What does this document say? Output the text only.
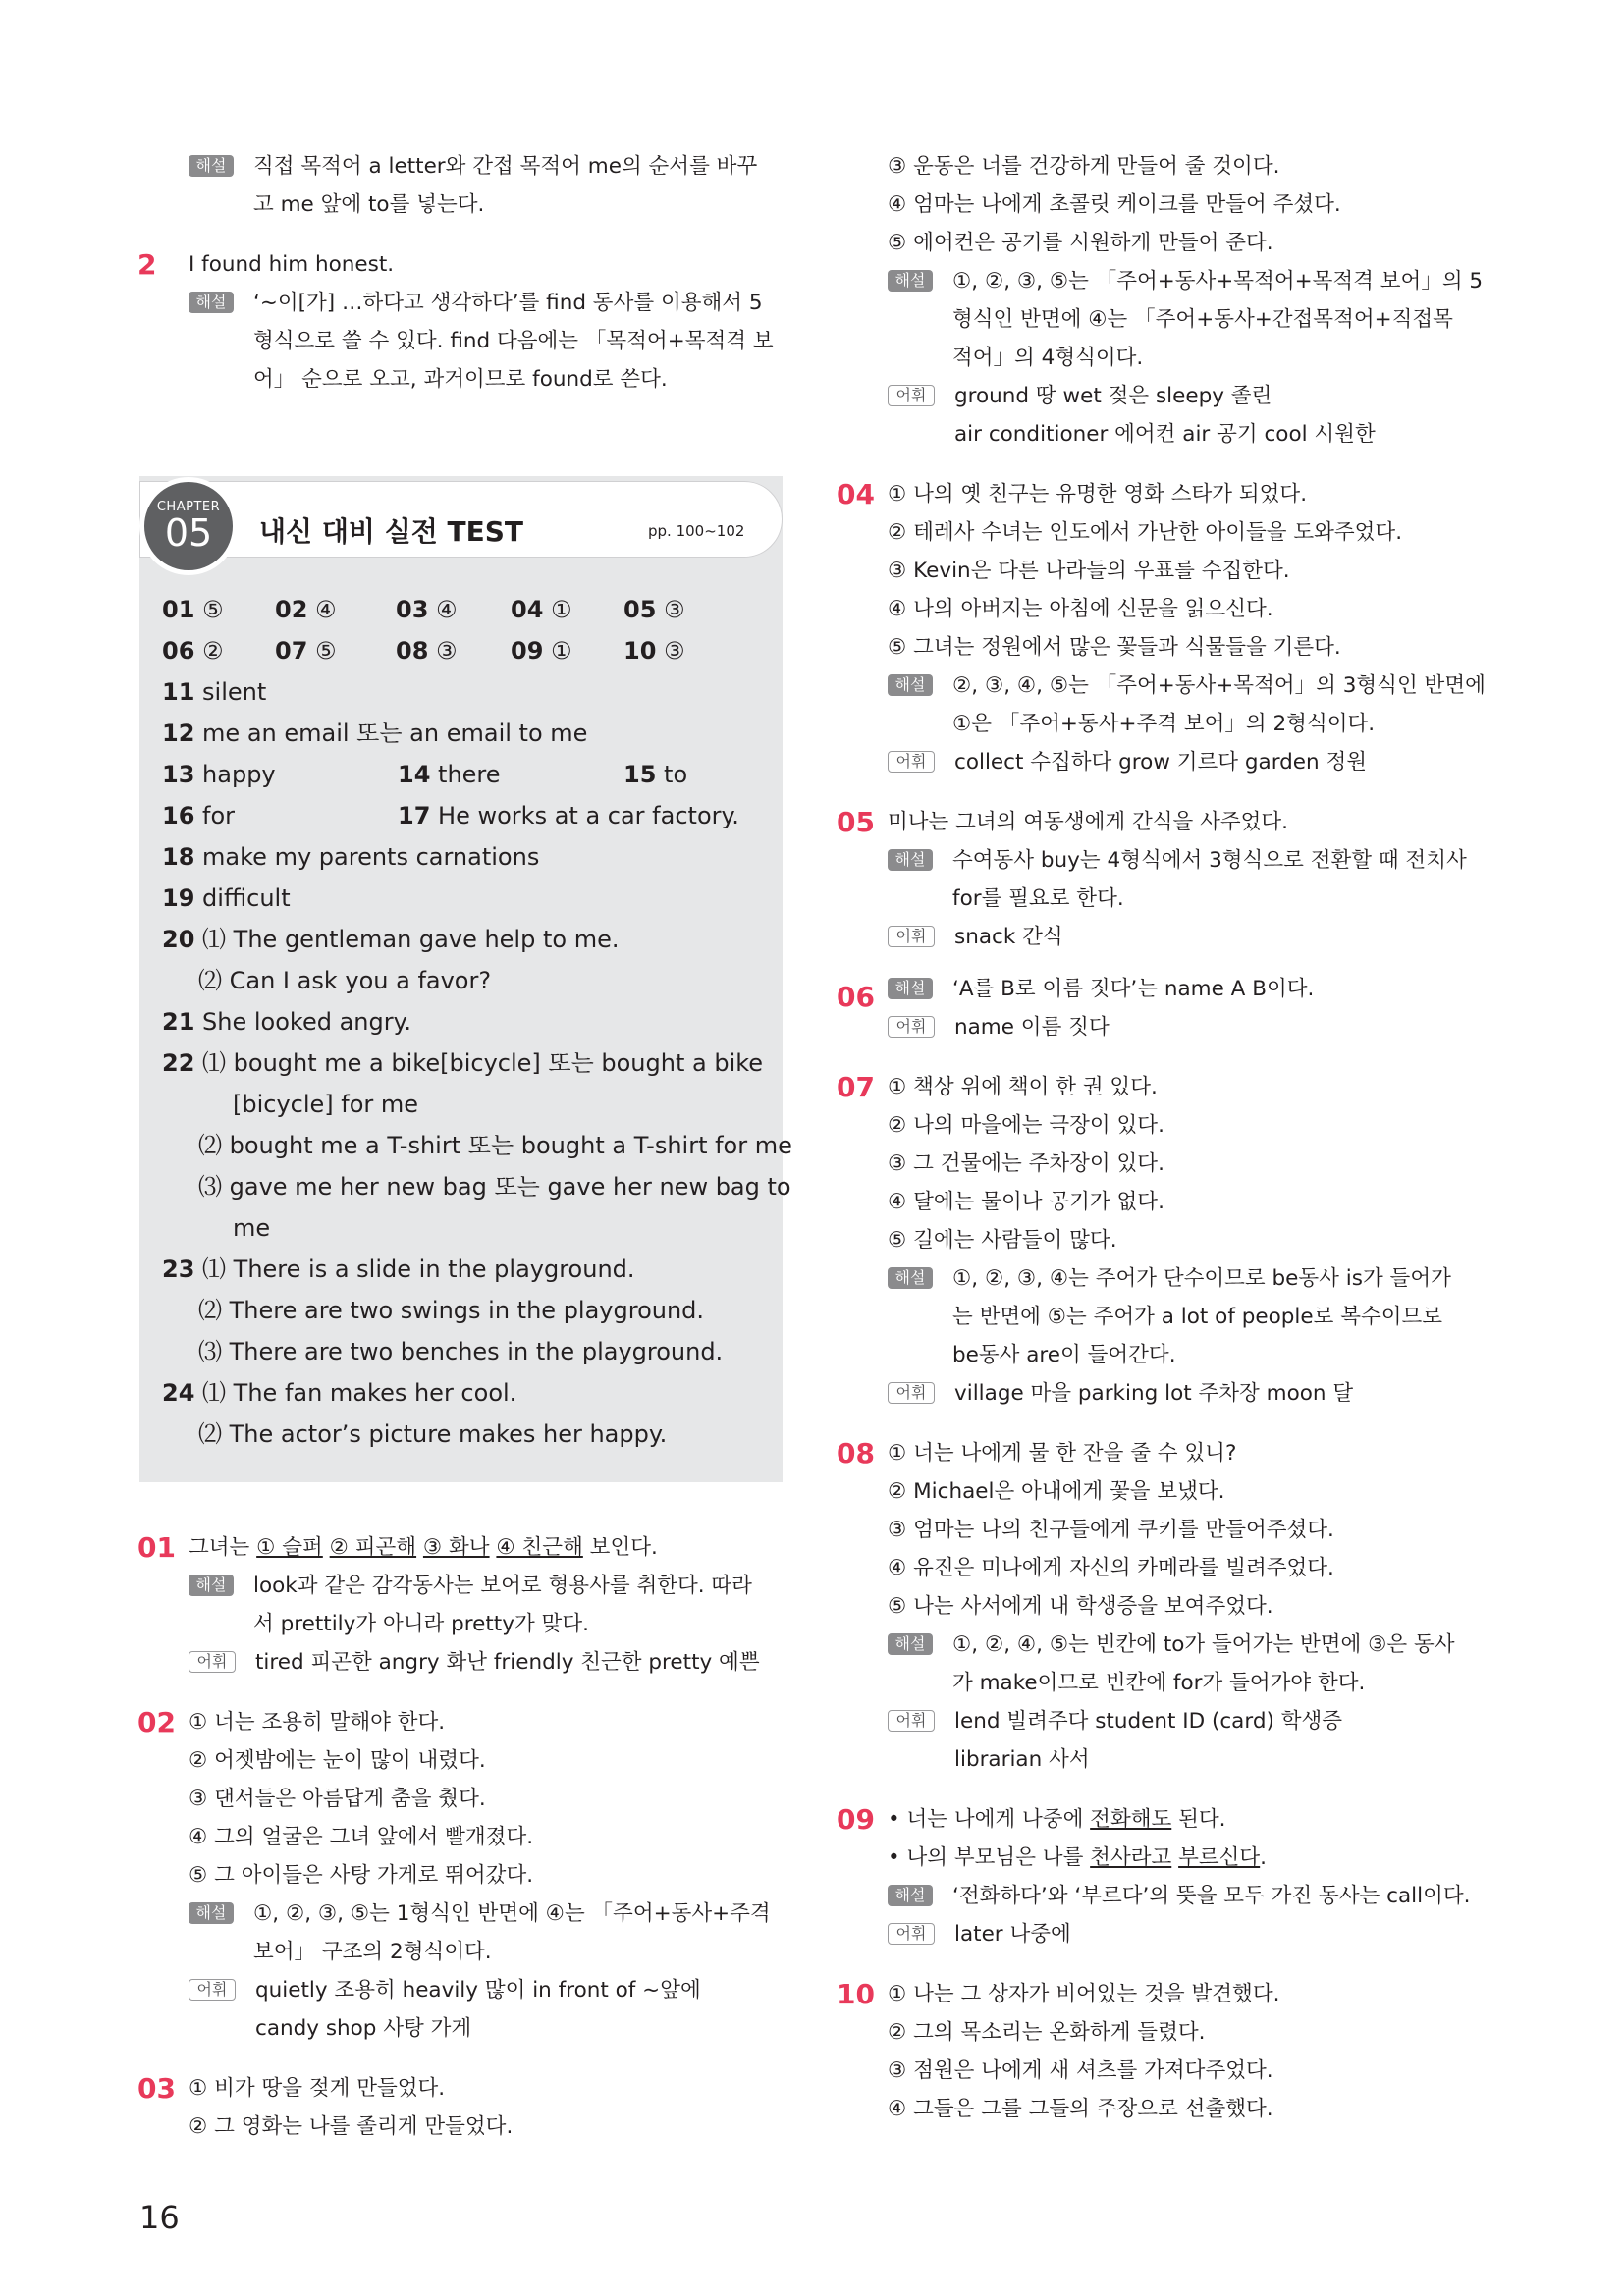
해설	직접 목적어 a letter와 간접 목적어 me의 순서를 바꾸
고 me 앞에 to를 넣는다.
2	I found him honest.
해설	‘~이[가] …하다고 생각하다’를 find 동사를 이용해서 5
형식으로 쓸 수 있다. find 다음에는 「목적어+목적격 보
어」 순으로 오고, 과거이므로 found로 쓴다.
CHAPTER
05	내신 대비 실전 TEST	pp. 100~102
01 ⑤ 02 ④	03 ④ 04 ① 05 ③
06 ② 07 ⑤	08 ③ 09 ① 10 ③
11 silent
12 me an email 또는 an email to me
13 happy	14 there	15 to
16 for	17 He works at a car factory.
18 make my parents carnations
19 difficult
20 ⑴ The gentleman gave help to me.
⑵ Can I ask you a favor?
21 She looked angry.
22 ⑴ bought me a bike[bicycle] 또는 bought a bike
[bicycle] for me
⑵ bought me a T-shirt 또는 bought a T-shirt for me
⑶ gave me her new bag 또는 gave her new bag to
me
23 ⑴ There is a slide in the playground.
⑵ There are two swings in the playground.
⑶ There are two benches in the playground.
24 ⑴ The fan makes her cool.
⑵ The actor’s picture makes her happy.
01 그녀는 ① 슬퍼 ② 피곤해 ③ 화나 ④ 친근해 보인다.
해설	look과 같은 감각동사는 보어로 형용사를 취한다. 따라
서 prettily가 아니라 pretty가 맞다.
어휘	tired 피곤한 angry 화난 friendly 친근한 pretty 예쁜
02 ① 너는 조용히 말해야 한다.
② 어젯밤에는 눈이 많이 내렸다.
③ 댄서들은 아름답게 춤을 췄다.
④ 그의 얼굴은 그녀 앞에서 빨개졌다.
⑤ 그 아이들은 사탕 가게로 뛰어갔다.
해설	①, ②, ③, ⑤는 1형식인 반면에 ④는 「주어+동사+주격
보어」 구조의 2형식이다.
어휘	quietly 조용히 heavily 많이 in front of ~앞에
candy shop 사탕 가게
03 ① 비가 땅을 젖게 만들었다.
② 그 영화는 나를 졸리게 만들었다.
③ 운동은 너를 건강하게 만들어 줄 것이다.
④ 엄마는 나에게 초콜릿 케이크를 만들어 주셨다.
⑤ 에어컨은 공기를 시원하게 만들어 준다.
해설	①, ②, ③, ⑤는 「주어+동사+목적어+목적격 보어」의 5
형식인 반면에 ④는 「주어+동사+간접목적어+직접목
적어」의 4형식이다.
어휘	ground 땅 wet 젖은 sleepy 졸린
air conditioner 에어컨 air 공기 cool 시원한
04 ① 나의 옛 친구는 유명한 영화 스타가 되었다.
② 테레사 수녀는 인도에서 가난한 아이들을 도와주었다.
③ Kevin은 다른 나라들의 우표를 수집한다.
④ 나의 아버지는 아침에 신문을 읽으신다.
⑤ 그녀는 정원에서 많은 꽃들과 식물들을 기른다.
해설	②, ③, ④, ⑤는 「주어+동사+목적어」의 3형식인 반면에
①은 「주어+동사+주격 보어」의 2형식이다.
어휘	collect 수집하다 grow 기르다 garden 정원
05 미나는 그녀의 여동생에게 간식을 사주었다.
해설	수여동사 buy는 4형식에서 3형식으로 전환할 때 전치사
for를 필요로 한다.
어휘	snack 간식
06	해설	‘A를 B로 이름 짓다’는 name A B이다.
어휘	name 이름 짓다
07 ① 책상 위에 책이 한 권 있다.
② 나의 마을에는 극장이 있다.
③ 그 건물에는 주차장이 있다.
④ 달에는 물이나 공기가 없다.
⑤ 길에는 사람들이 많다.
해설	①, ②, ③, ④는 주어가 단수이므로 be동사 is가 들어가
는 반면에 ⑤는 주어가 a lot of people로 복수이므로
be동사 are이 들어간다.
어휘	village 마을 parking lot 주차장 moon 달
08 ① 너는 나에게 물 한 잔을 줄 수 있니?
② Michael은 아내에게 꽃을 보냈다.
③ 엄마는 나의 친구들에게 쿠키를 만들어주셨다.
④ 유진은 미나에게 자신의 카메라를 빌려주었다.
⑤ 나는 사서에게 내 학생증을 보여주었다.
해설	①, ②, ④, ⑤는 빈칸에 to가 들어가는 반면에 ③은 동사
가 make이므로 빈칸에 for가 들어가야 한다.
어휘	lend 빌려주다 student ID (card) 학생증
librarian 사서
09 • 너는 나에게 나중에 전화해도 된다.
• 나의 부모님은 나를 천사라고 부르신다.
해설	‘전화하다’와 ‘부르다’의 뜻을 모두 가진 동사는 call이다.
어휘	later 나중에
10 ① 나는 그 상자가 비어있는 것을 발견했다.
② 그의 목소리는 온화하게 들렸다.
③ 점원은 나에게 새 셔츠를 가져다주었다.
④ 그들은 그를 그들의 주장으로 선출했다.
16
